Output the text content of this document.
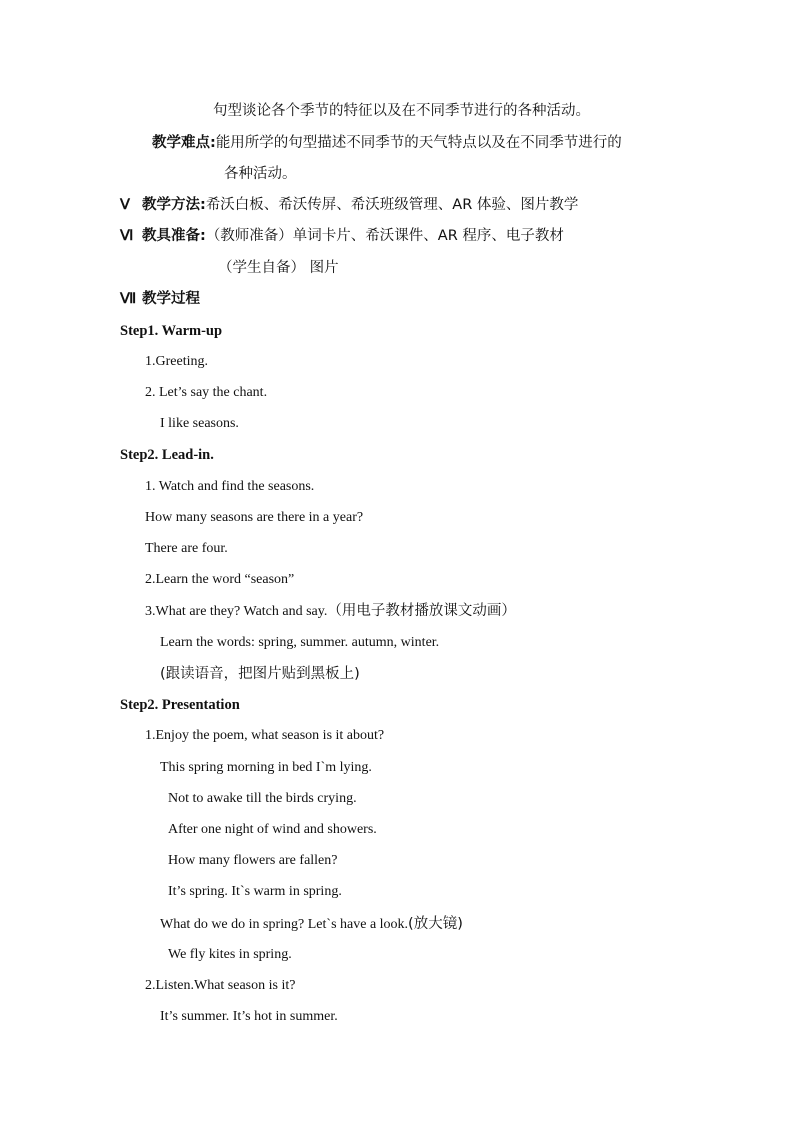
句型谈论各个季节的特征以及在不同季节进行的各种活动。
教学难点:能用所学的句型描述不同季节的天气特点以及在不同季节进行的
各种活动。
Ⅴ 教学方法:希沃白板、希沃传屏、希沃班级管理、AR 体验、图片教学
Ⅵ 教具准备:（教师准备）单词卡片、希沃课件、AR 程序、电子教材
（学生自备） 图片
Ⅶ 教学过程
Step1. Warm-up
1.Greeting.
2. Let’s say the chant.
I like seasons.
Step2. Lead-in.
1. Watch and find the seasons.
How many seasons are there in a year?
There are four.
2.Learn the word “season”
3.What are they? Watch and say.（用电子教材播放课文动画）
Learn the words: spring, summer. autumn, winter.
(跟读语音，把图片贴到黑板上)
Step2. Presentation
1.Enjoy the poem, what season is it about?
This spring morning in bed I`m lying.
Not to awake till the birds crying.
After one night of wind and showers.
How many flowers are fallen?
It’s spring. It`s warm in spring.
What do we do in spring? Let`s have a look.(放大镜)
We fly kites in spring.
2.Listen.What season is it?
It’s summer. It’s hot in summer.
